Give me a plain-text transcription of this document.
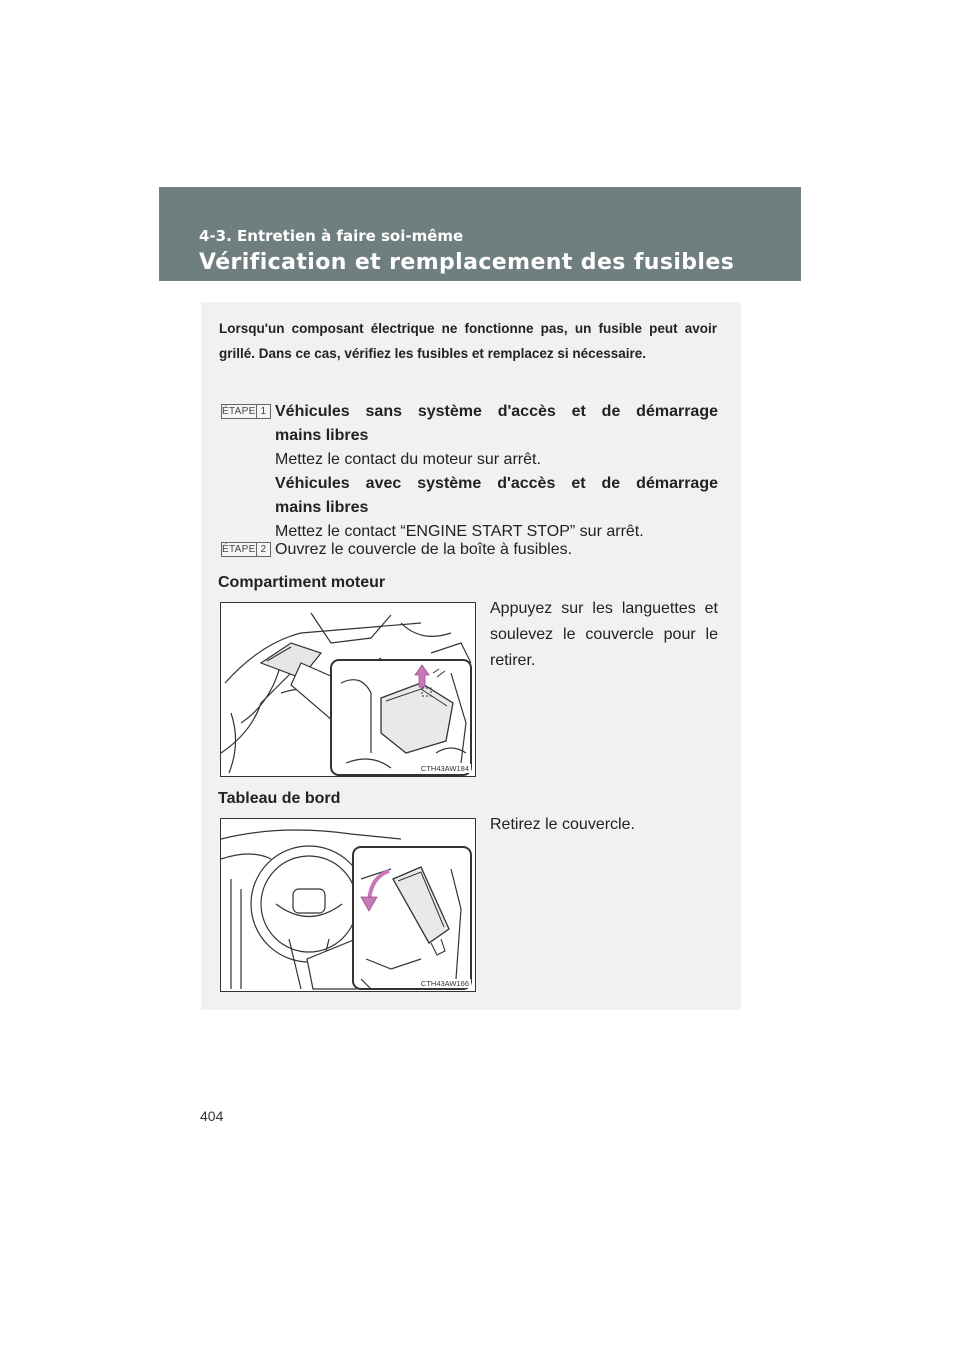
4-3. Entretien à faire soi-même
Vérification et remplacement des fusibles
Lorsqu'un composant électrique ne fonctionne pas, un fusible peut avoir grillé. Dans ce cas, vérifiez les fusibles et remplacez si nécessaire.
ÉTAPE 1 Véhicules sans système d'accès et de démarrage
mains libres
Mettez le contact du moteur sur arrêt.
Véhicules avec système d'accès et de démarrage
mains libres
Mettez le contact “ENGINE START STOP” sur arrêt.
ÉTAPE 2 Ouvrez le couvercle de la boîte à fusibles.
Compartiment moteur
CTH43AW184
Appuyez sur les languettes et soulevez le couvercle pour le retirer.
Tableau de bord
CTH43AW166
Retirez le couvercle.
404
